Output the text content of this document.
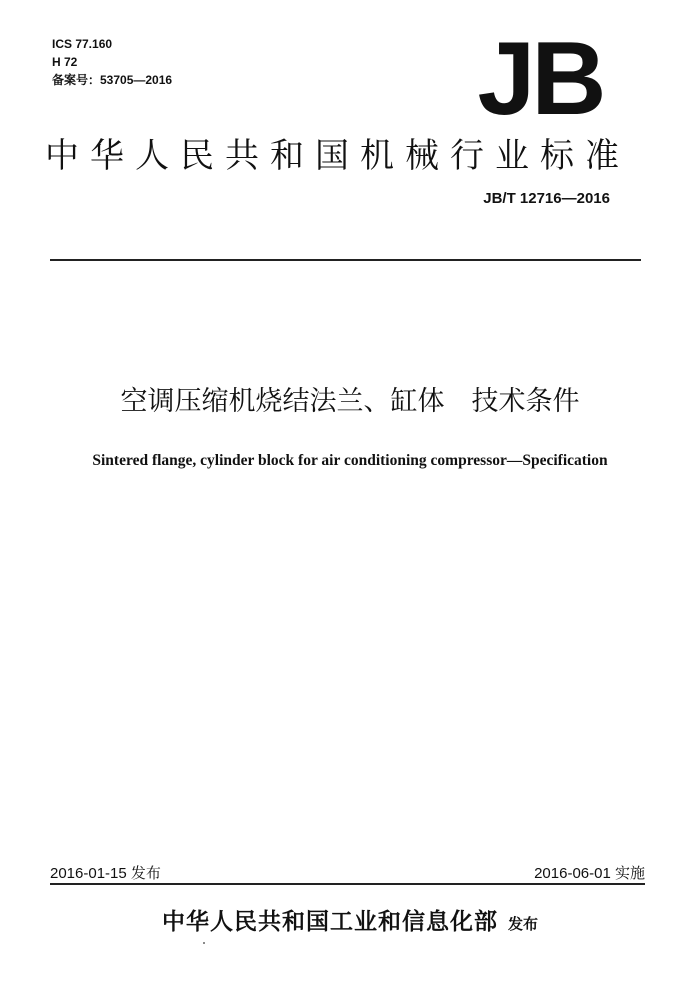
ICS 77.160
H 72
备案号：53705—2016	JB
中华人民共和国机械行业标准
JB/T 12716—2016
空调压缩机烧结法兰、缸体　技术条件
Sintered flange, cylinder block for air conditioning compressor—Specification
2016-01-15 发布	2016-06-01 实施
中华人民共和国工业和信息化部 发布
